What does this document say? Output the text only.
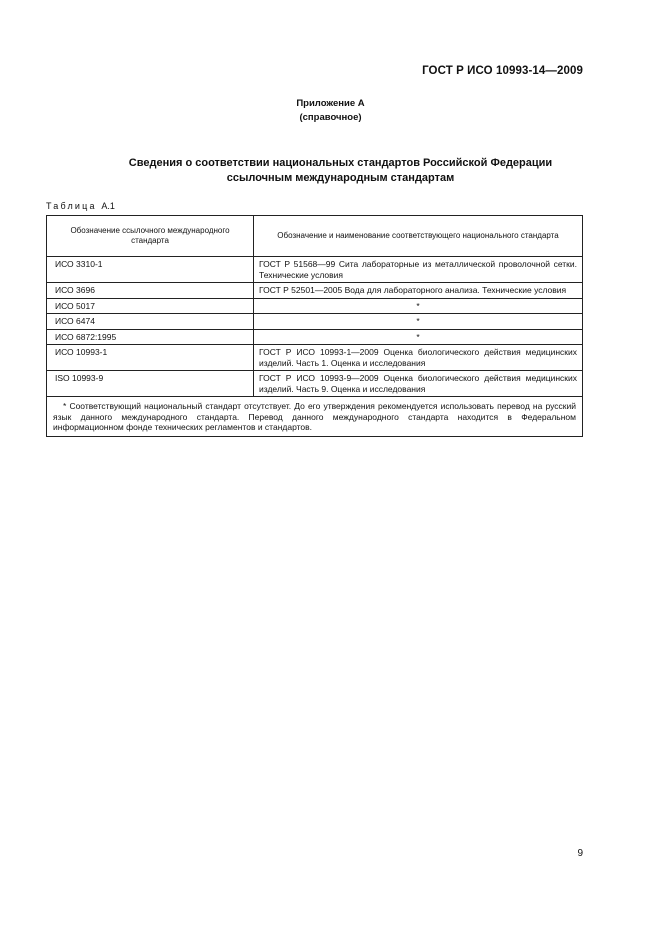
ГОСТ Р ИСО 10993-14—2009
Приложение А
(справочное)
Сведения о соответствии национальных стандартов Российской Федерации
ссылочным международным стандартам
Таблица А.1
Обозначение ссылочного международного стандарта	Обозначение и наименование соответствующего национального стандарта
ИСО 3310-1	ГОСТ Р 51568—99 Сита лабораторные из металлической проволочной сетки. Технические условия
ИСО 3696	ГОСТ Р 52501—2005 Вода для лабораторного анализа. Технические условия
ИСО 5017	*
ИСО 6474	*
ИСО 6872:1995	*
ИСО 10993-1	ГОСТ Р ИСО 10993-1—2009 Оценка биологического действия медицинских изделий. Часть 1. Оценка и исследования
ISO 10993-9	ГОСТ Р ИСО 10993-9—2009 Оценка биологического действия медицинских изделий. Часть 9. Оценка и исследования
* Соответствующий национальный стандарт отсутствует. До его утверждения рекомендуется использовать перевод на русский язык данного международного стандарта. Перевод данного международного стандарта находится в Федеральном информационном фонде технических регламентов и стандартов.	
9
